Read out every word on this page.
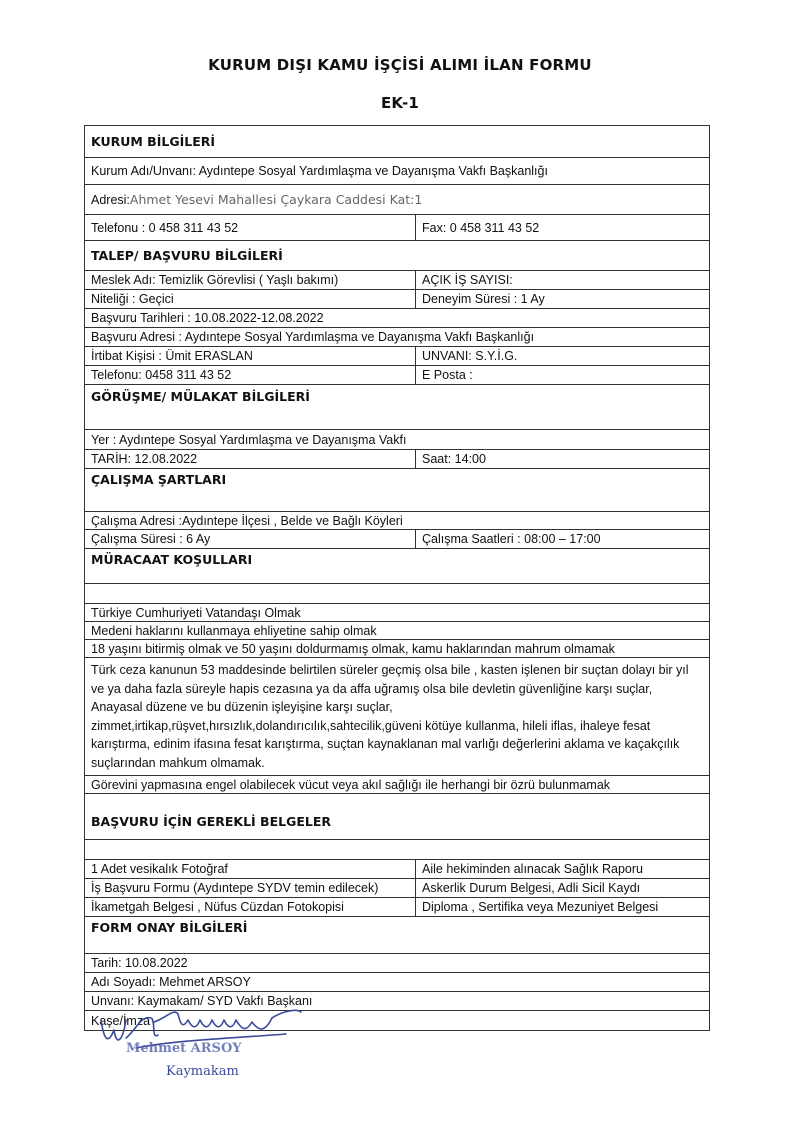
KURUM DIŞI KAMU İŞÇİSİ ALIMI İLAN FORMU
EK-1
KURUM BİLGİLERİ
Kurum Adı/Unvanı: Aydıntepe Sosyal Yardımlaşma ve Dayanışma Vakfı Başkanlığı
Adresi: Ahmet Yesevi Mahallesi Çaykara Caddesi Kat:1
Telefonu : 0 458 311 43 52	Fax: 0 458 311 43 52
TALEP/ BAŞVURU BİLGİLERİ
Meslek Adı: Temizlik Görevlisi ( Yaşlı bakımı)	AÇIK İŞ SAYISI:
Niteliği : Geçici	Deneyim Süresi : 1 Ay
Başvuru Tarihleri : 10.08.2022-12.08.2022
Başvuru Adresi : Aydıntepe Sosyal Yardımlaşma ve Dayanışma Vakfı Başkanlığı
İrtibat Kişisi : Ümit ERASLAN	UNVANI: S.Y.İ.G.
Telefonu: 0458 311 43 52	E Posta :
GÖRÜŞME/ MÜLAKAT BİLGİLERİ
Yer : Aydıntepe Sosyal Yardımlaşma ve Dayanışma Vakfı
TARİH: 12.08.2022	Saat: 14:00
ÇALIŞMA ŞARTLARI
Çalışma Adresi :Aydıntepe İlçesi , Belde ve Bağlı Köyleri
Çalışma Süresi : 6 Ay	Çalışma Saatleri : 08:00 – 17:00
MÜRACAAT KOŞULLARI
Türkiye Cumhuriyeti Vatandaşı Olmak
Medeni haklarını kullanmaya ehliyetine sahip olmak
18 yaşını bitirmiş olmak ve 50 yaşını doldurmamış olmak, kamu haklarından mahrum olmamak
Türk ceza kanunun 53 maddesinde belirtilen süreler geçmiş olsa bile , kasten işlenen bir suçtan dolayı bir yıl ve ya daha fazla süreyle hapis cezasına ya da affa uğramış olsa bile devletin güvenliğine karşı suçlar, Anayasal düzene ve bu düzenin işleyişine karşı suçlar, zimmet,irtikap,rüşvet,hırsızlık,dolandırıcılık,sahtecilik,güveni kötüye kullanma, hileli iflas, ihaleye fesat karıştırma, edinim ifasına fesat karıştırma, suçtan kaynaklanan mal varlığı değerlerini aklama ve kaçakçılık suçlarından mahkum olmamak.
Görevini yapmasına engel olabilecek vücut veya akıl sağlığı ile herhangi bir özrü bulunmamak
BAŞVURU İÇİN GEREKLİ BELGELER
1 Adet vesikalık Fotoğraf	Aile hekiminden alınacak Sağlık Raporu
İş Başvuru Formu (Aydıntepe SYDV temin edilecek)	Askerlik Durum Belgesi, Adli Sicil Kaydı
İkametgah Belgesi , Nüfus Cüzdan Fotokopisi	Diploma , Sertifika veya Mezuniyet Belgesi
FORM ONAY BİLGİLERİ
Tarih: 10.08.2022
Adı Soyadı: Mehmet ARSOY
Unvanı: Kaymakam/ SYD Vakfı Başkanı
Kaşe/İmza
Mehmet ARSOY
Kaymakam
